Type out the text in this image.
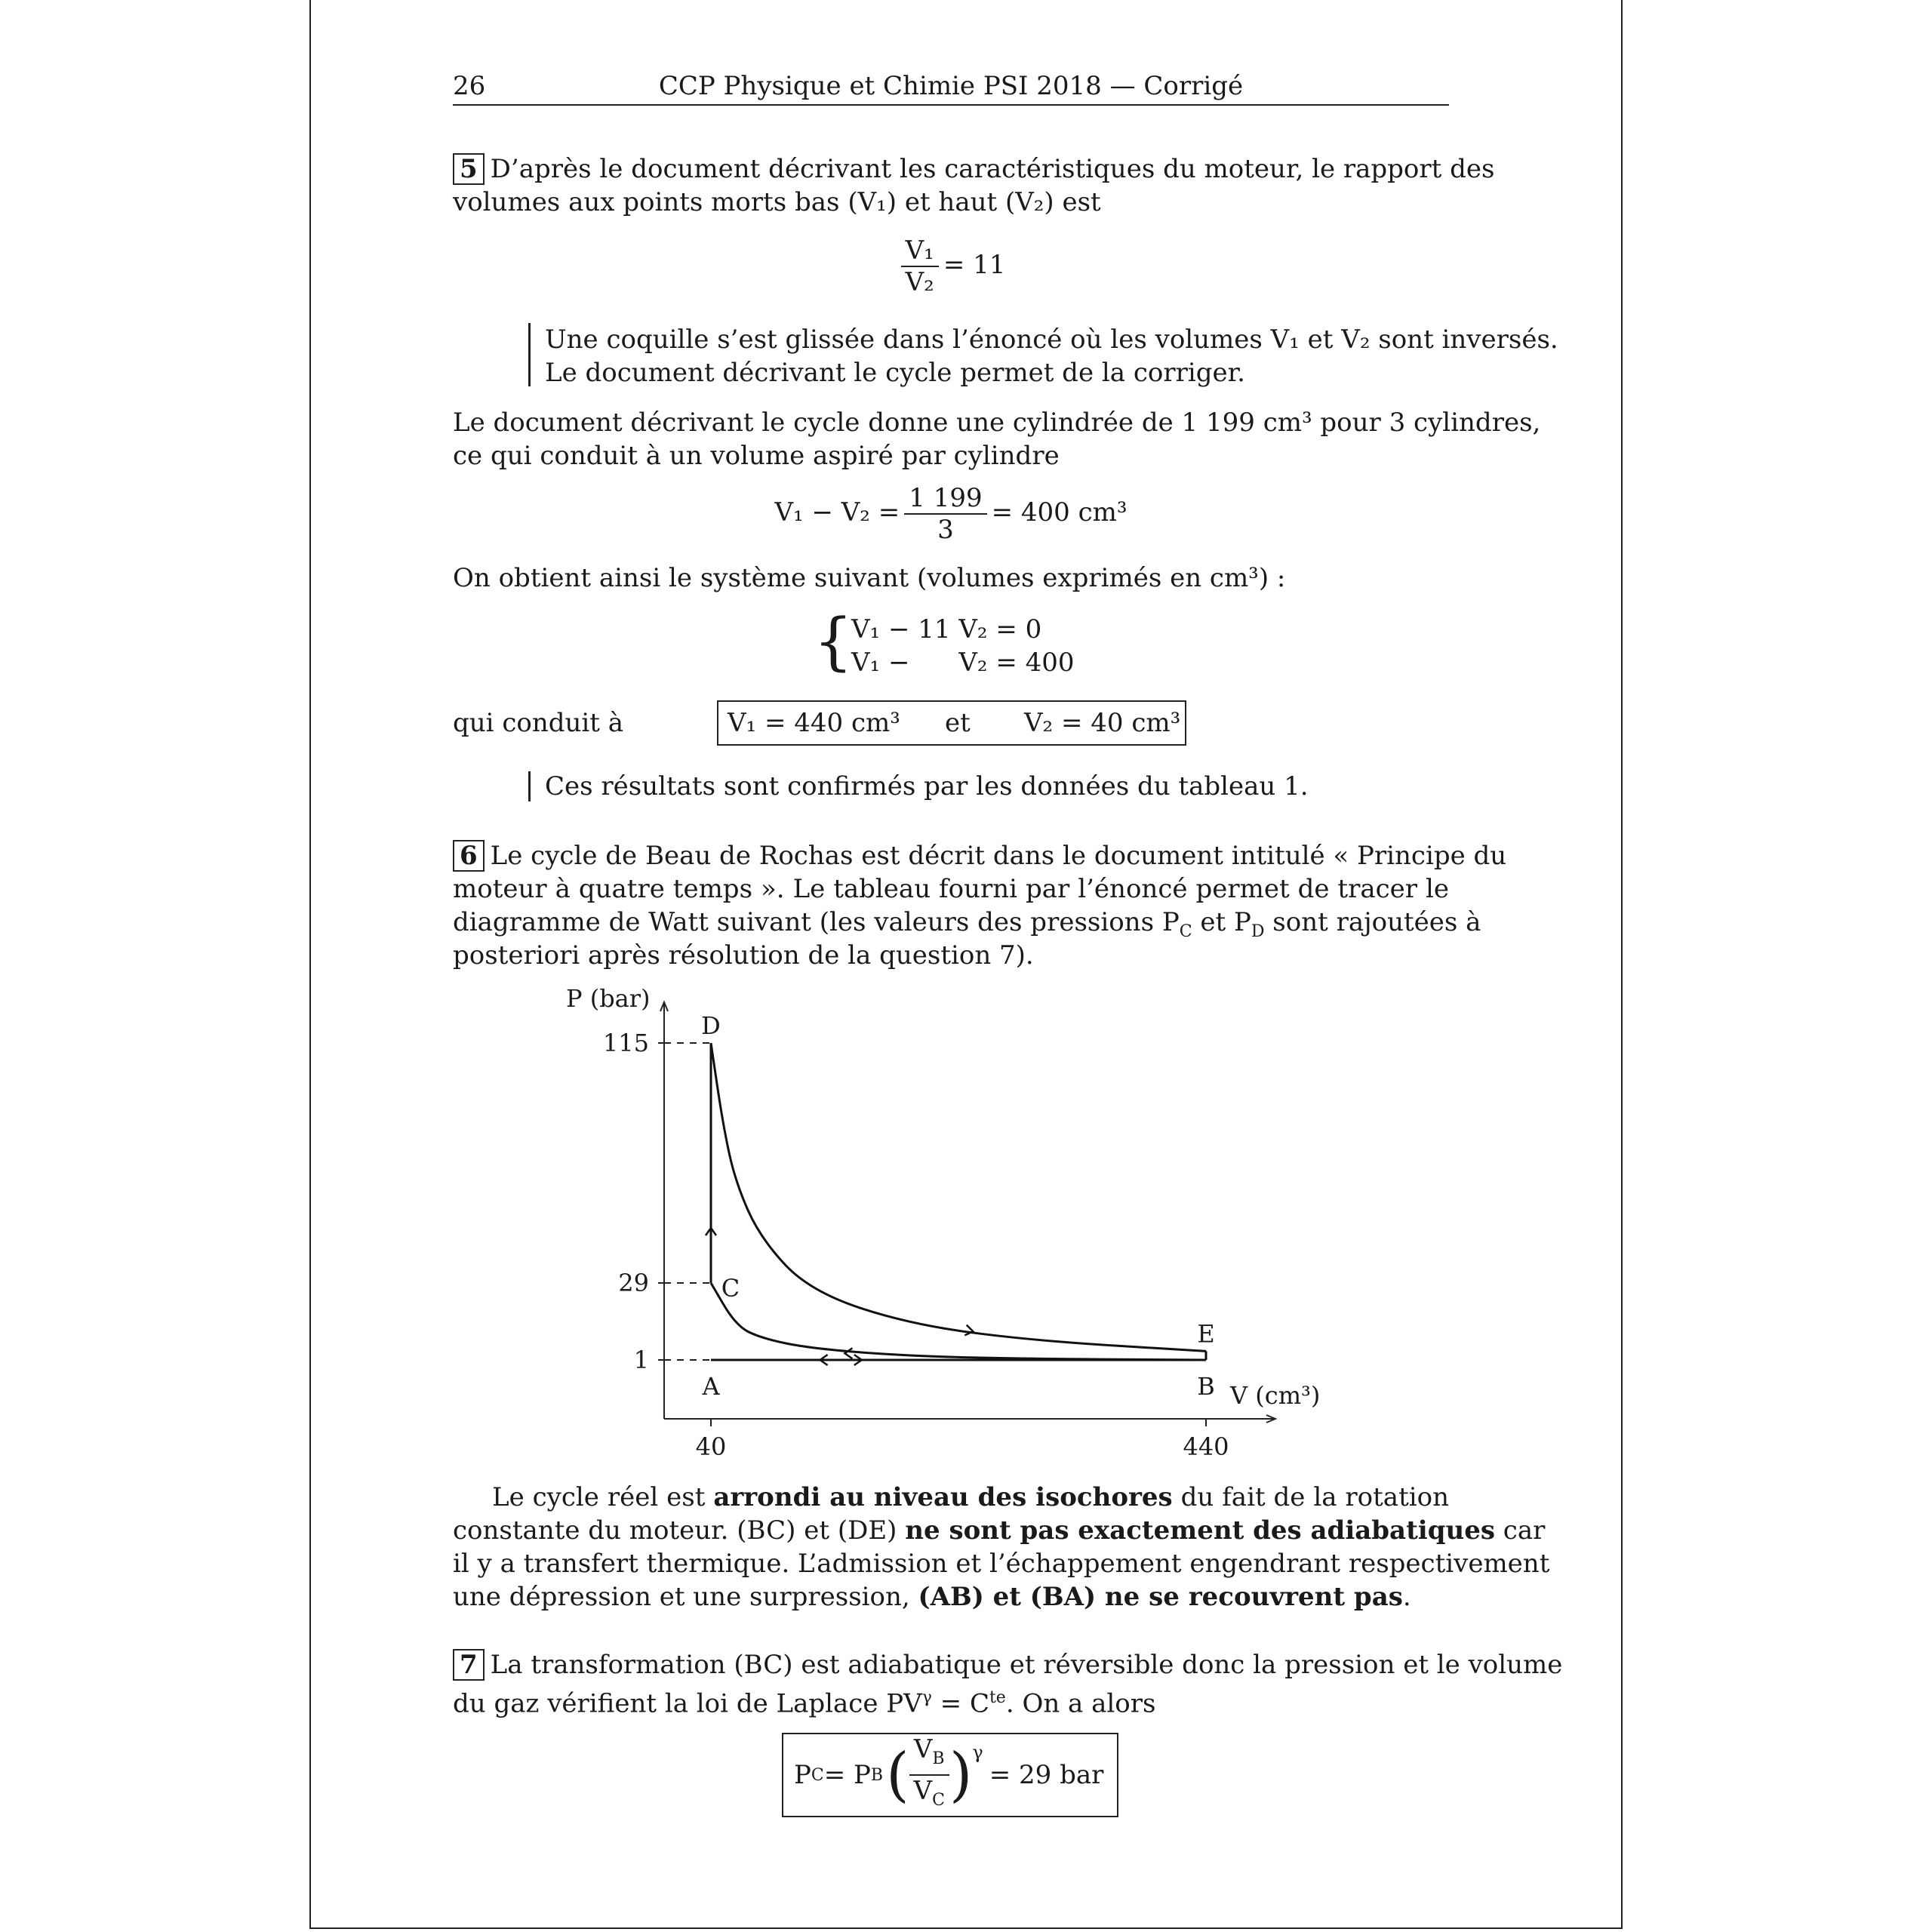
26	CCP Physique et Chimie PSI 2018 — Corrigé
5 D’après le document décrivant les caractéristiques du moteur, le rapport des
volumes aux points morts bas (V₁) et haut (V₂) est
$\frac{\text{V₁}}{\text{V₂}} = 11$
Une coquille s’est glissée dans l’énoncé où les volumes V₁ et V₂ sont inversés.
Le document décrivant le cycle permet de la corriger.
Le document décrivant le cycle donne une cylindrée de 1 199 cm³ pour 3 cylindres,
ce qui conduit à un volume aspiré par cylindre
$V_1 - V_2 = \frac{1 199}{3} = 400$ cm³
On obtient ainsi le système suivant (volumes exprimés en cm³) :
{
V₁ − 11 V₂ = 0
V₁ −      V₂ = 400
qui conduit à	V₁ = 440 cm³ et V₂ = 40 cm³
Ces résultats sont confirmés par les données du tableau 1.
6 Le cycle de Beau de Rochas est décrit dans le document intitulé « Principe du
moteur à quatre temps ». Le tableau fourni par l’énoncé permet de tracer le
diagramme de Watt suivant (les valeurs des pressions $P_C$ et $P_D$ sont rajoutées à
posteriori après résolution de la question 7).
P (bar)
V (cm³)
1
29
115
40	440
A	B
C
D
E
Le cycle réel est arrondi au niveau des isochores du fait de la rotation
constante du moteur. (BC) et (DE) ne sont pas exactement des adiabatiques car
il y a transfert thermique. L’admission et l’échappement engendrant respectivement
une dépression et une surpression, (AB) et (BA) ne se recouvrent pas.
7 La transformation (BC) est adiabatique et réversible donc la pression et le volume
du gaz vérifient la loi de Laplace $PV^\gamma = C^{te}$. On a alors
P C = P B ( $\frac{V_B}{V_C} )^\gamma$
= 29 bar
